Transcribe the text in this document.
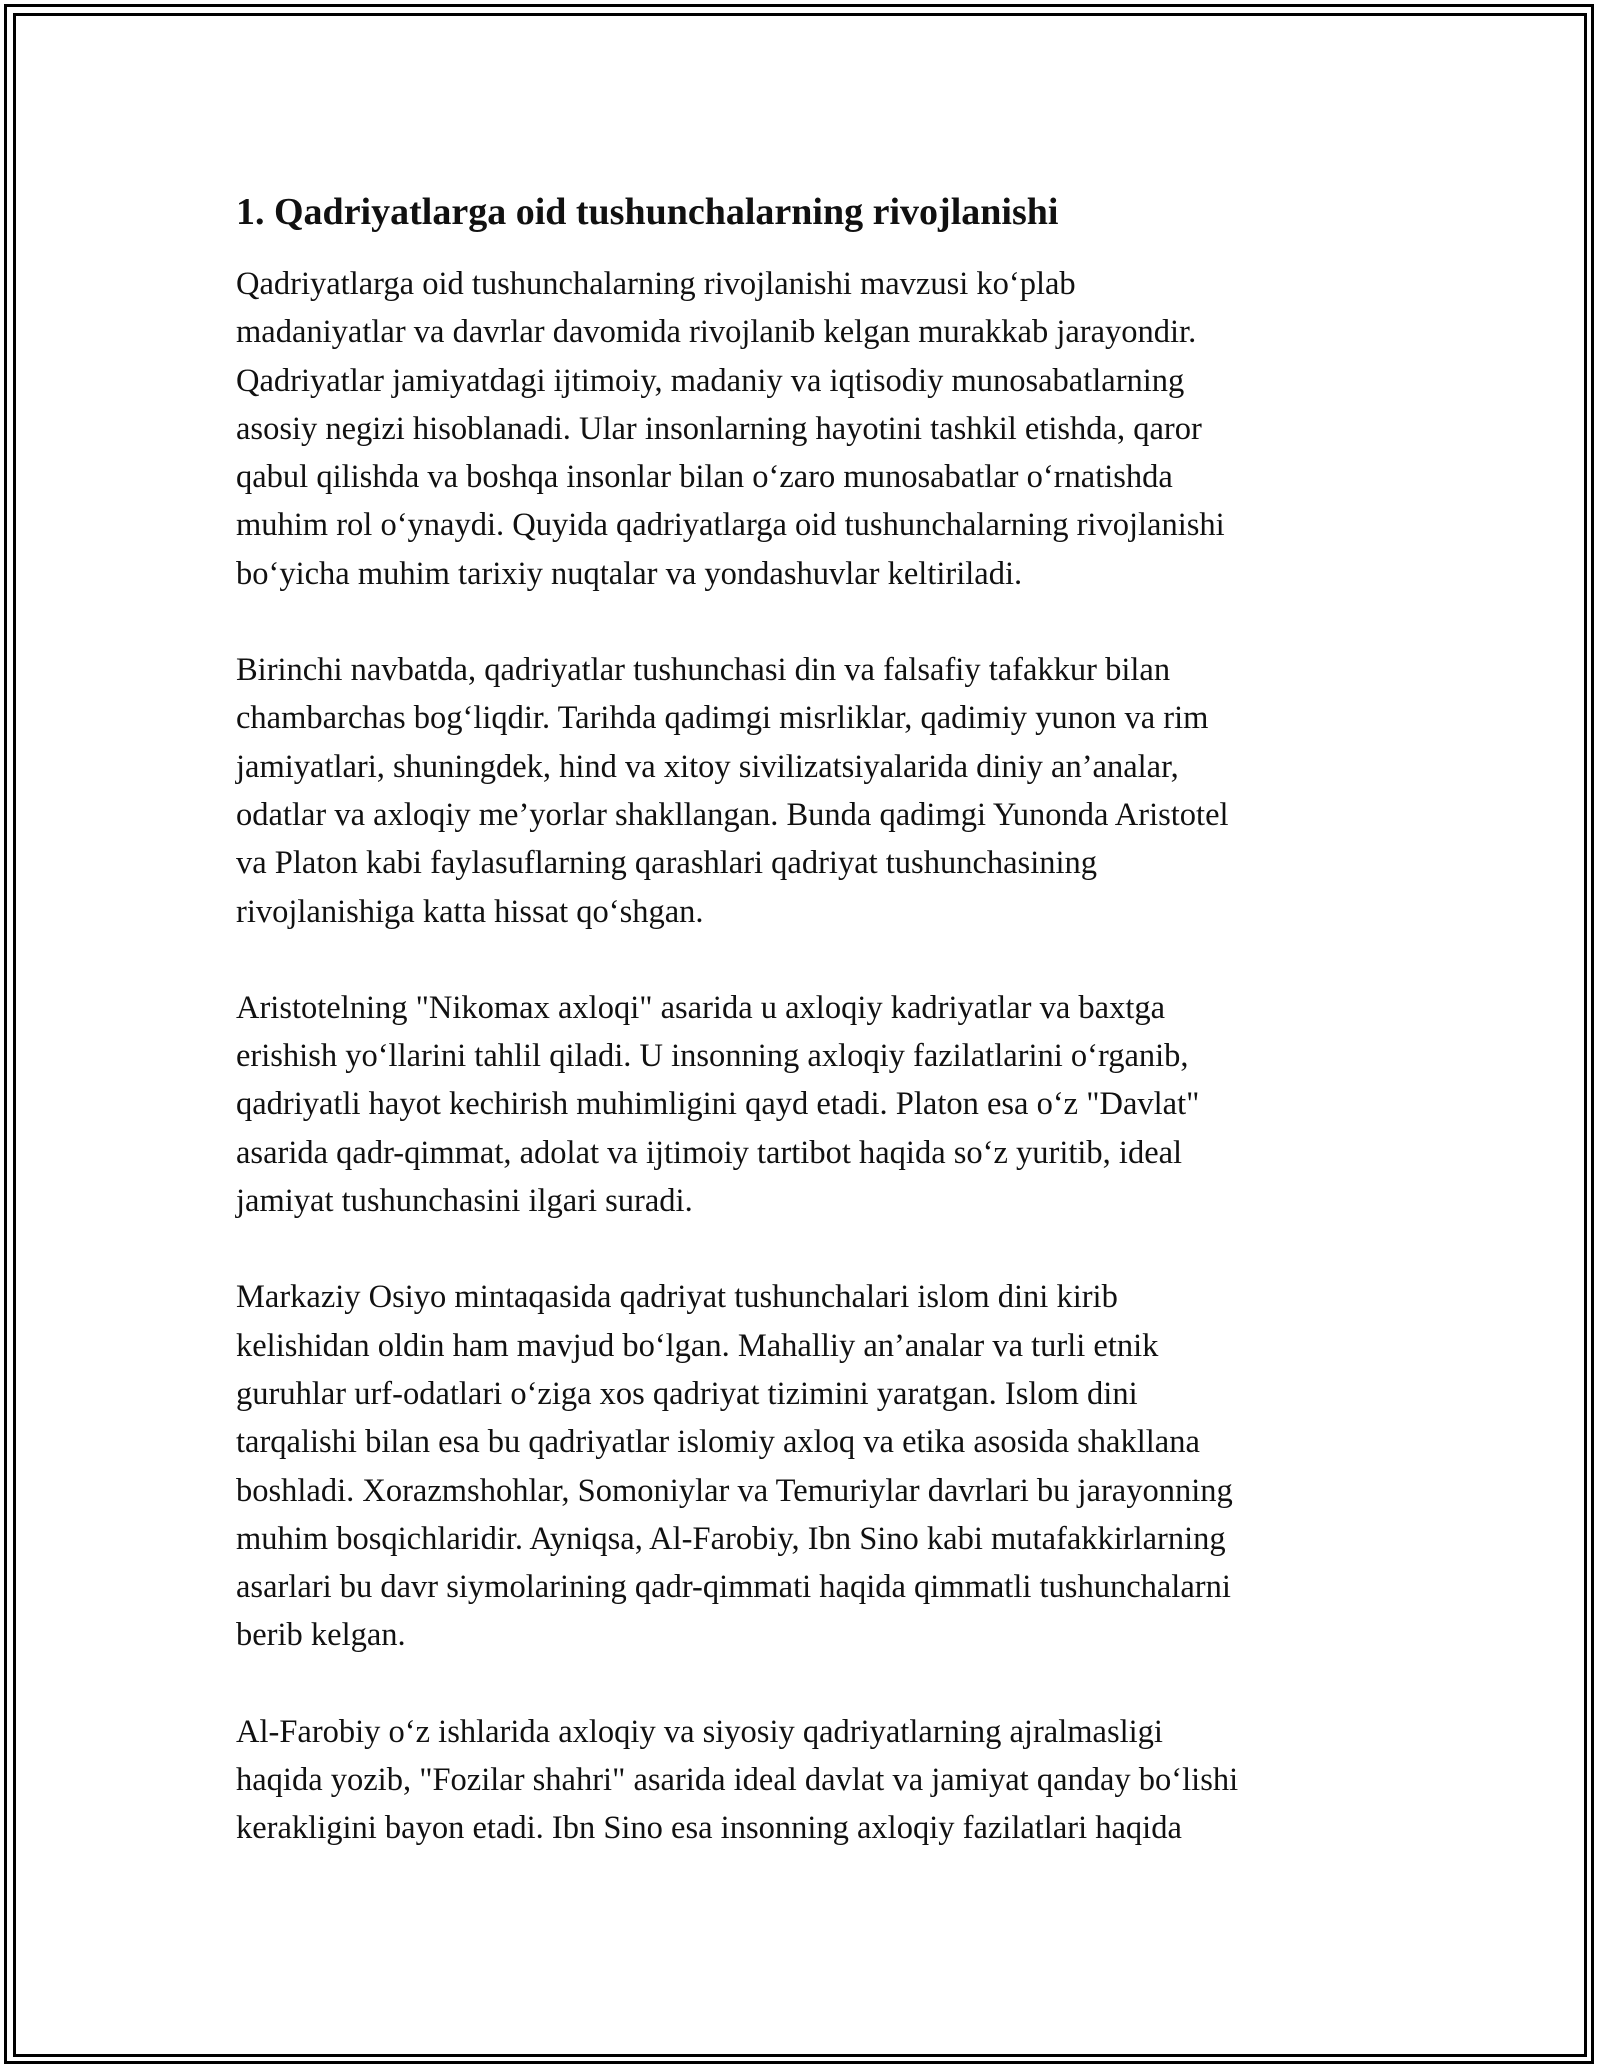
1. Qadriyatlarga oid tushunchalarning rivojlanishi
Qadriyatlarga oid tushunchalarning rivojlanishi mavzusi ko‘plab
madaniyatlar va davrlar davomida rivojlanib kelgan murakkab jarayondir.
Qadriyatlar jamiyatdagi ijtimoiy, madaniy va iqtisodiy munosabatlarning
asosiy negizi hisoblanadi. Ular insonlarning hayotini tashkil etishda, qaror
qabul qilishda va boshqa insonlar bilan o‘zaro munosabatlar o‘rnatishda
muhim rol o‘ynaydi. Quyida qadriyatlarga oid tushunchalarning rivojlanishi
bo‘yicha muhim tarixiy nuqtalar va yondashuvlar keltiriladi.
Birinchi navbatda, qadriyatlar tushunchasi din va falsafiy tafakkur bilan
chambarchas bog‘liqdir. Tarihda qadimgi misrliklar, qadimiy yunon va rim
jamiyatlari, shuningdek, hind va xitoy sivilizatsiyalarida diniy an’analar,
odatlar va axloqiy me’yorlar shakllangan. Bunda qadimgi Yunonda Aristotel
va Platon kabi faylasuflarning qarashlari qadriyat tushunchasining
rivojlanishiga katta hissat qo‘shgan.
Aristotelning "Nikomax axloqi" asarida u axloqiy kadriyatlar va baxtga
erishish yo‘llarini tahlil qiladi. U insonning axloqiy fazilatlarini o‘rganib,
qadriyatli hayot kechirish muhimligini qayd etadi. Platon esa o‘z "Davlat"
asarida qadr-qimmat, adolat va ijtimoiy tartibot haqida so‘z yuritib, ideal
jamiyat tushunchasini ilgari suradi.
Markaziy Osiyo mintaqasida qadriyat tushunchalari islom dini kirib
kelishidan oldin ham mavjud bo‘lgan. Mahalliy an’analar va turli etnik
guruhlar urf-odatlari o‘ziga xos qadriyat tizimini yaratgan. Islom dini
tarqalishi bilan esa bu qadriyatlar islomiy axloq va etika asosida shakllana
boshladi. Xorazmshohlar, Somoniylar va Temuriylar davrlari bu jarayonning
muhim bosqichlaridir. Ayniqsa, Al-Farobiy, Ibn Sino kabi mutafakkirlarning
asarlari bu davr siymolarining qadr-qimmati haqida qimmatli tushunchalarni
berib kelgan.
Al-Farobiy o‘z ishlarida axloqiy va siyosiy qadriyatlarning ajralmasligi
haqida yozib, "Fozilar shahri" asarida ideal davlat va jamiyat qanday bo‘lishi
kerakligini bayon etadi. Ibn Sino esa insonning axloqiy fazilatlari haqida
